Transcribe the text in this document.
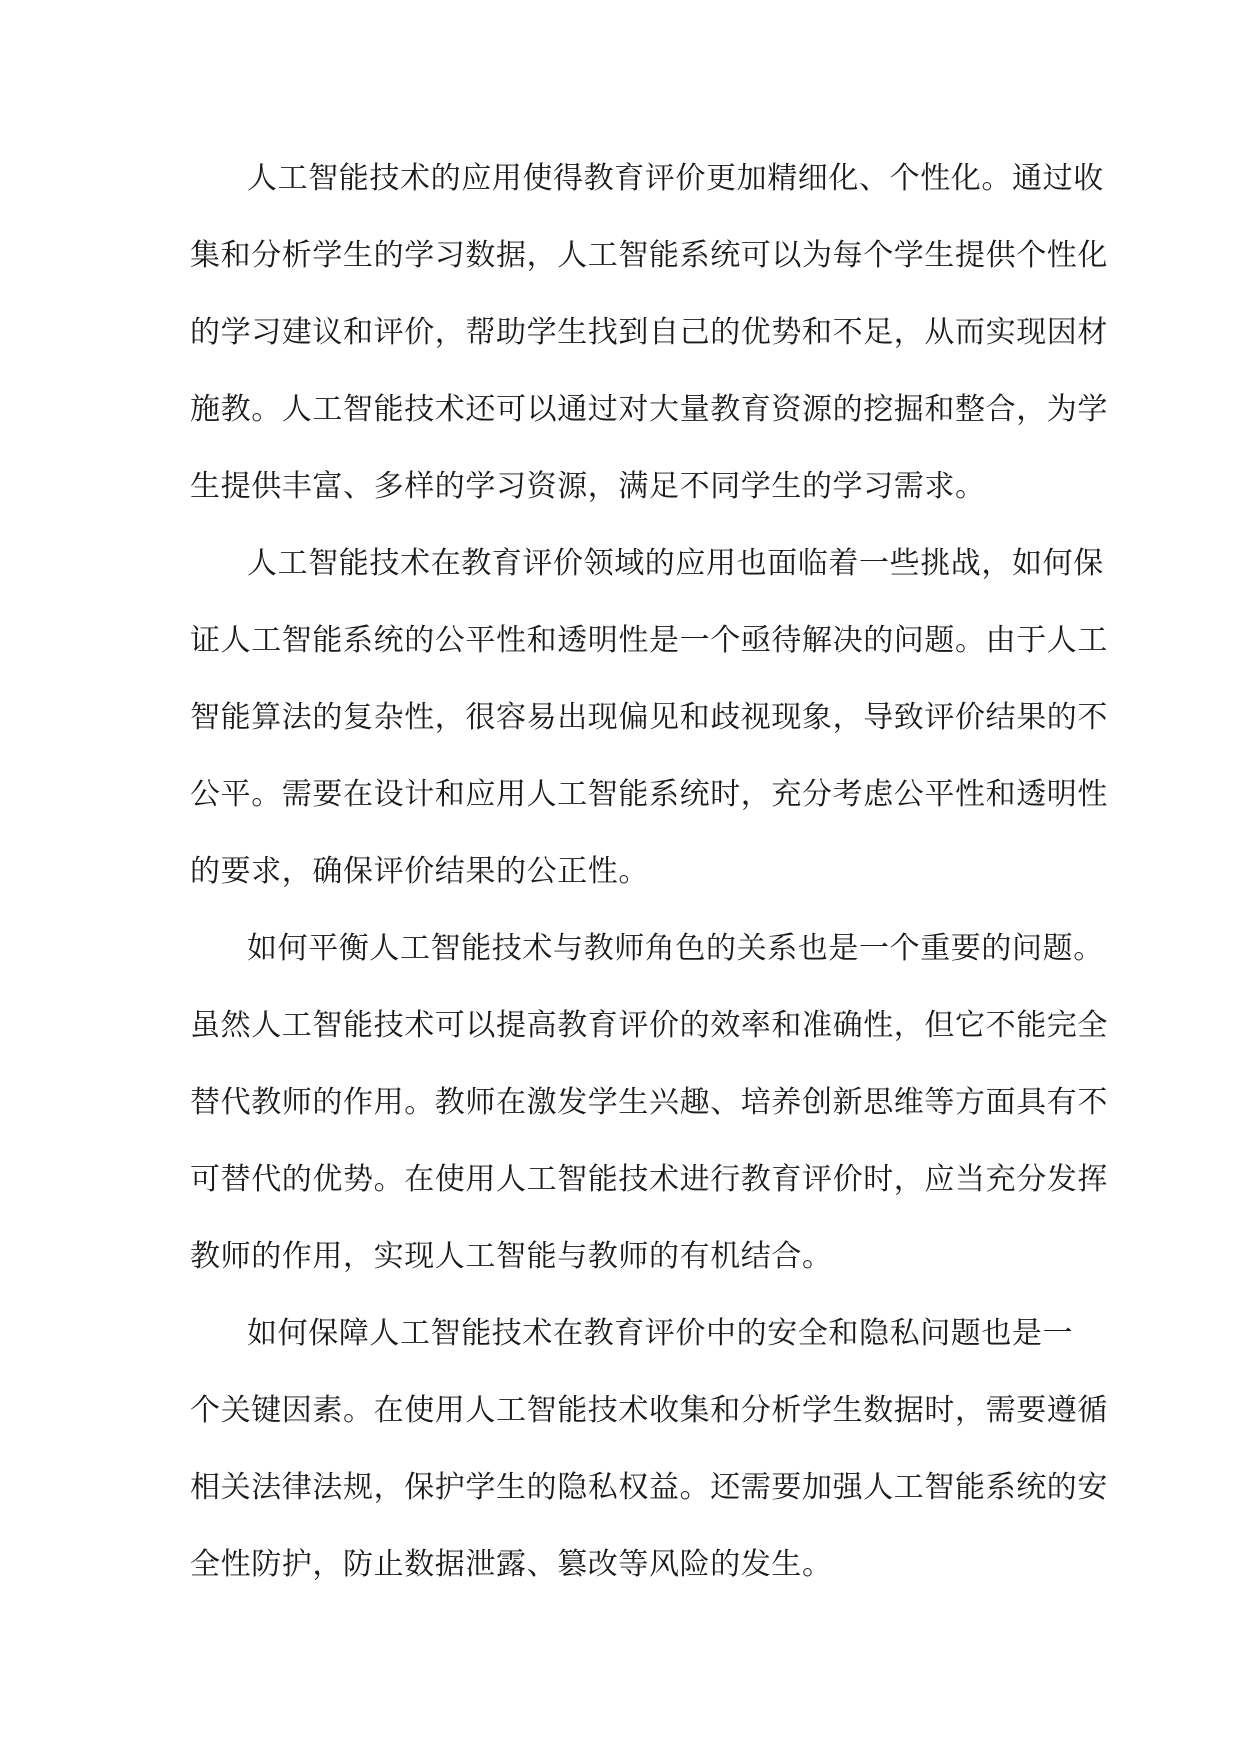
人工智能技术的应用使得教育评价更加精细化、个性化。通过收
集和分析学生的学习数据，人工智能系统可以为每个学生提供个性化
的学习建议和评价，帮助学生找到自己的优势和不足，从而实现因材
施教。人工智能技术还可以通过对大量教育资源的挖掘和整合，为学
生提供丰富、多样的学习资源，满足不同学生的学习需求。
人工智能技术在教育评价领域的应用也面临着一些挑战，如何保
证人工智能系统的公平性和透明性是一个亟待解决的问题。由于人工
智能算法的复杂性，很容易出现偏见和歧视现象，导致评价结果的不
公平。需要在设计和应用人工智能系统时，充分考虑公平性和透明性
的要求，确保评价结果的公正性。
如何平衡人工智能技术与教师角色的关系也是一个重要的问题。
虽然人工智能技术可以提高教育评价的效率和准确性，但它不能完全
替代教师的作用。教师在激发学生兴趣、培养创新思维等方面具有不
可替代的优势。在使用人工智能技术进行教育评价时，应当充分发挥
教师的作用，实现人工智能与教师的有机结合。
如何保障人工智能技术在教育评价中的安全和隐私问题也是一
个关键因素。在使用人工智能技术收集和分析学生数据时，需要遵循
相关法律法规，保护学生的隐私权益。还需要加强人工智能系统的安
全性防护，防止数据泄露、篡改等风险的发生。
